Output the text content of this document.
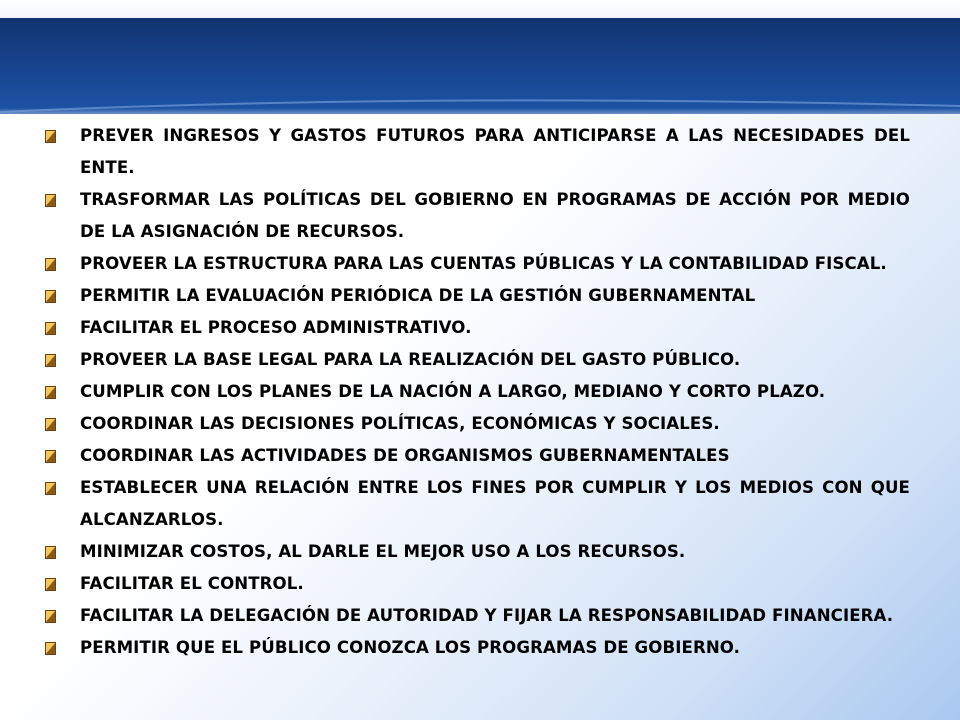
PREVER INGRESOS Y GASTOS FUTUROS PARA ANTICIPARSE A LAS NECESIDADES DEL ENTE.

TRASFORMAR LAS POLÍTICAS DEL GOBIERNO EN PROGRAMAS DE ACCIÓN POR MEDIO DE LA ASIGNACIÓN DE RECURSOS.

PROVEER LA ESTRUCTURA PARA LAS CUENTAS PÚBLICAS Y LA CONTABILIDAD FISCAL.

PERMITIR LA EVALUACIÓN PERIÓDICA DE LA GESTIÓN GUBERNAMENTAL

FACILITAR EL PROCESO ADMINISTRATIVO.

PROVEER LA BASE LEGAL PARA LA REALIZACIÓN DEL GASTO PÚBLICO.

CUMPLIR CON LOS PLANES DE LA NACIÓN A LARGO, MEDIANO Y CORTO PLAZO.

COORDINAR LAS DECISIONES POLÍTICAS, ECONÓMICAS Y SOCIALES.

COORDINAR LAS ACTIVIDADES DE ORGANISMOS GUBERNAMENTALES

ESTABLECER UNA RELACIÓN ENTRE LOS FINES POR CUMPLIR Y LOS MEDIOS CON QUE ALCANZARLOS.

MINIMIZAR COSTOS, AL DARLE EL MEJOR USO A LOS RECURSOS.

FACILITAR EL CONTROL.

FACILITAR LA DELEGACIÓN DE AUTORIDAD Y FIJAR LA RESPONSABILIDAD FINANCIERA.

PERMITIR QUE EL PÚBLICO CONOZCA LOS PROGRAMAS DE GOBIERNO.
